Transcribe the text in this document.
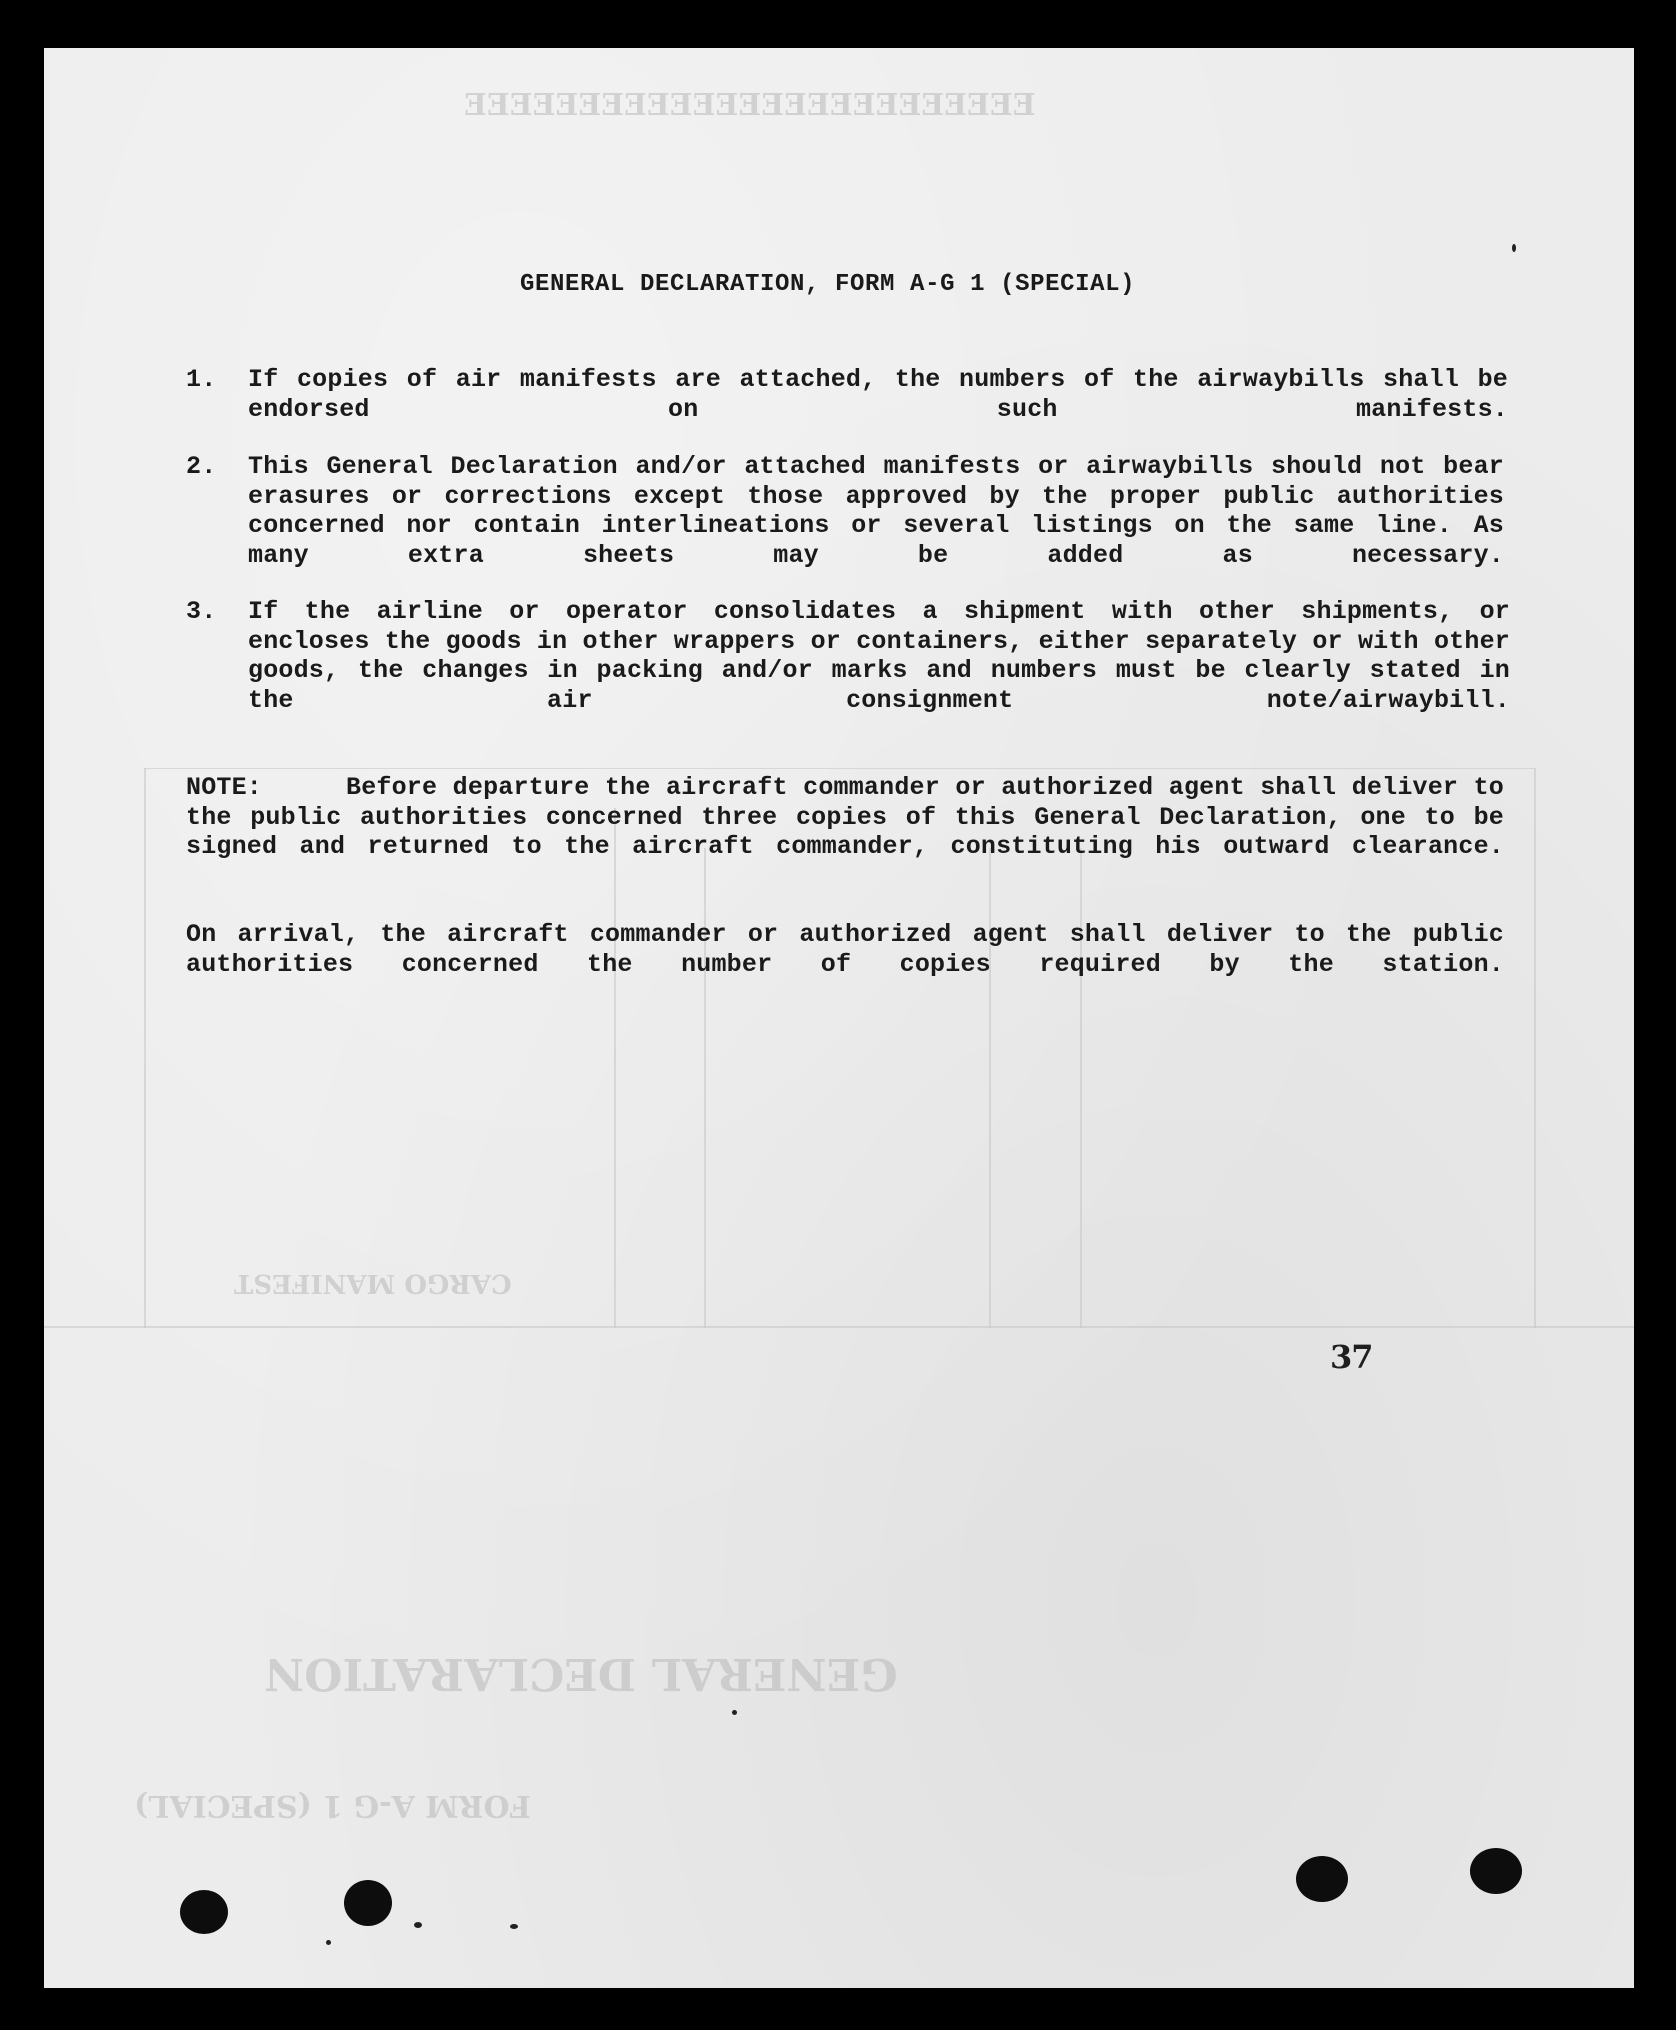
EEEEEEEEEEEEEEEEEEEEEEEEE
GENERAL DECLARATION
FORM A-G 1 (SPECIAL)
CARGO MANIFEST
GENERAL DECLARATION, FORM A-G 1 (SPECIAL)
1.	If copies of air manifests are attached, the numbers of the airwaybills shall be endorsed on such manifests.
2.	This General Declaration and/or attached manifests or airwaybills should not bear erasures or corrections except those approved by the proper public authorities concerned nor contain interlineations or several listings on the same line. As many extra sheets may be added as necessary.
3.	If the airline or operator consolidates a shipment with other shipments, or encloses the goods in other wrappers or containers, either separately or with other goods, the changes in packing and/or marks and numbers must be clearly stated in the air consignment note/airwaybill.
NOTE:	Before departure the aircraft commander or authorized agent shall deliver to the public authorities concerned three copies of this General Declaration, one to be signed and returned to the aircraft commander, constituting his outward clearance.
On arrival, the aircraft commander or authorized agent shall deliver to the public authorities concerned the number of copies required by the station.
37
